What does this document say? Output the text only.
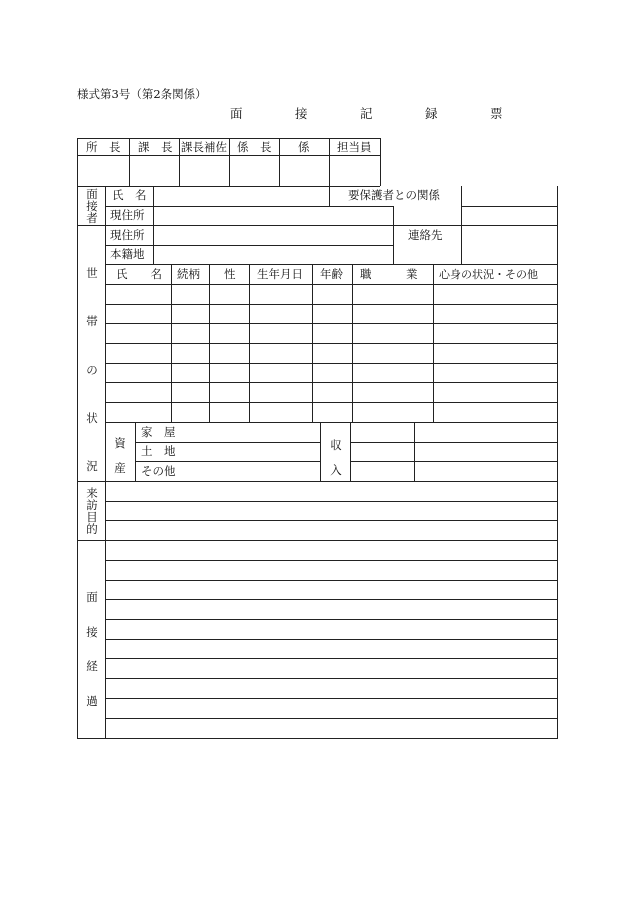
様式第3号（第2条関係）
面　接　記　録　票
所　長 課　長 課長補佐 係　長 係 担当員
面接者
氏　名	要保護者との関係
現住所
現住所
本籍地
連絡先
氏　　名 続柄 性 生年月日 年齢 職　　　業 心身の状況・その他
資産
家　屋
土　地
その他
収入
世帯の状況
来訪目的
面接経過
